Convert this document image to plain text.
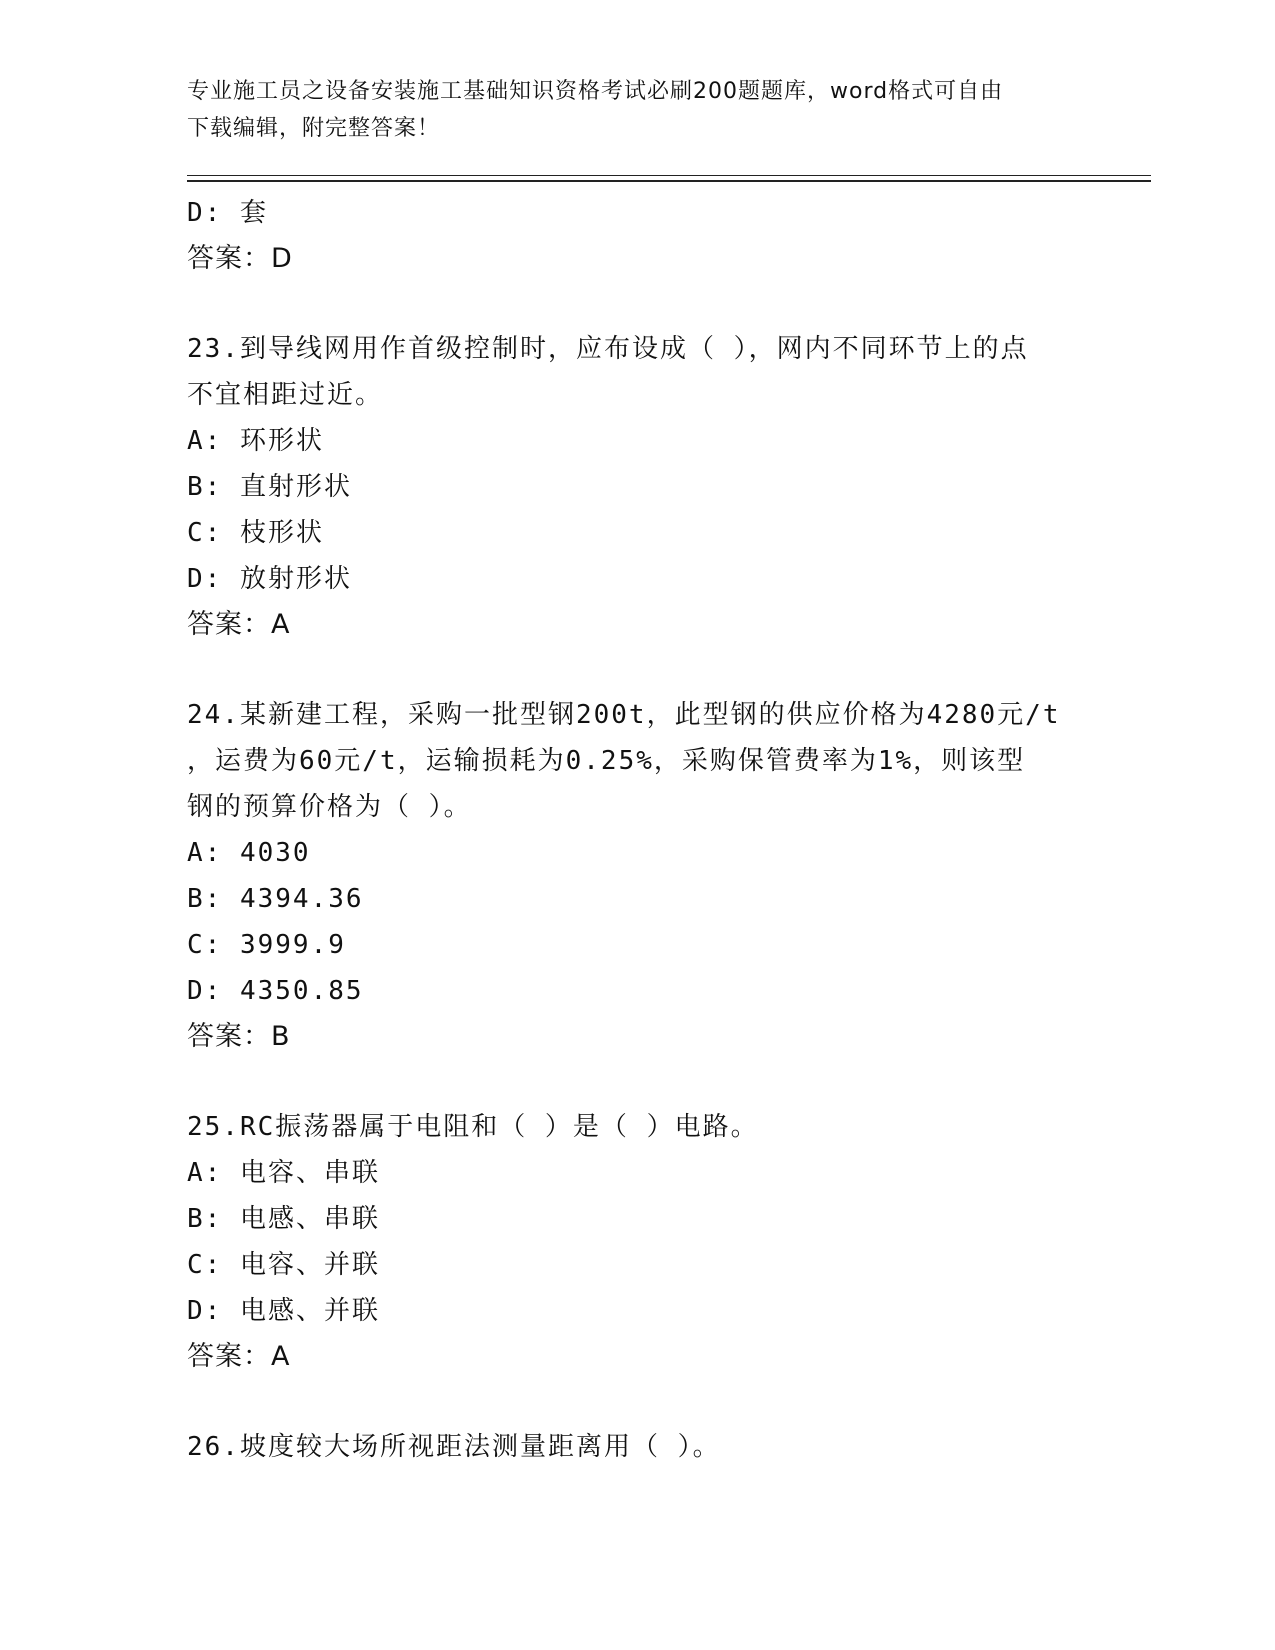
专业施工员之设备安装施工基础知识资格考试必刷200题题库，word格式可自由
下载编辑，附完整答案！
D: 套
答案：D
23.到导线网用作首级控制时，应布设成（ ），网内不同环节上的点
不宜相距过近。
A: 环形状
B: 直射形状
C: 枝形状
D: 放射形状
答案：A
24.某新建工程，采购一批型钢200t，此型钢的供应价格为4280元/t
，运费为60元/t，运输损耗为0.25%，采购保管费率为1%，则该型
钢的预算价格为（ ）。
A: 4030
B: 4394.36
C: 3999.9
D: 4350.85
答案：B
25.RC振荡器属于电阻和（ ）是（ ）电路。
A: 电容、串联
B: 电感、串联
C: 电容、并联
D: 电感、并联
答案：A
26.坡度较大场所视距法测量距离用（ ）。
